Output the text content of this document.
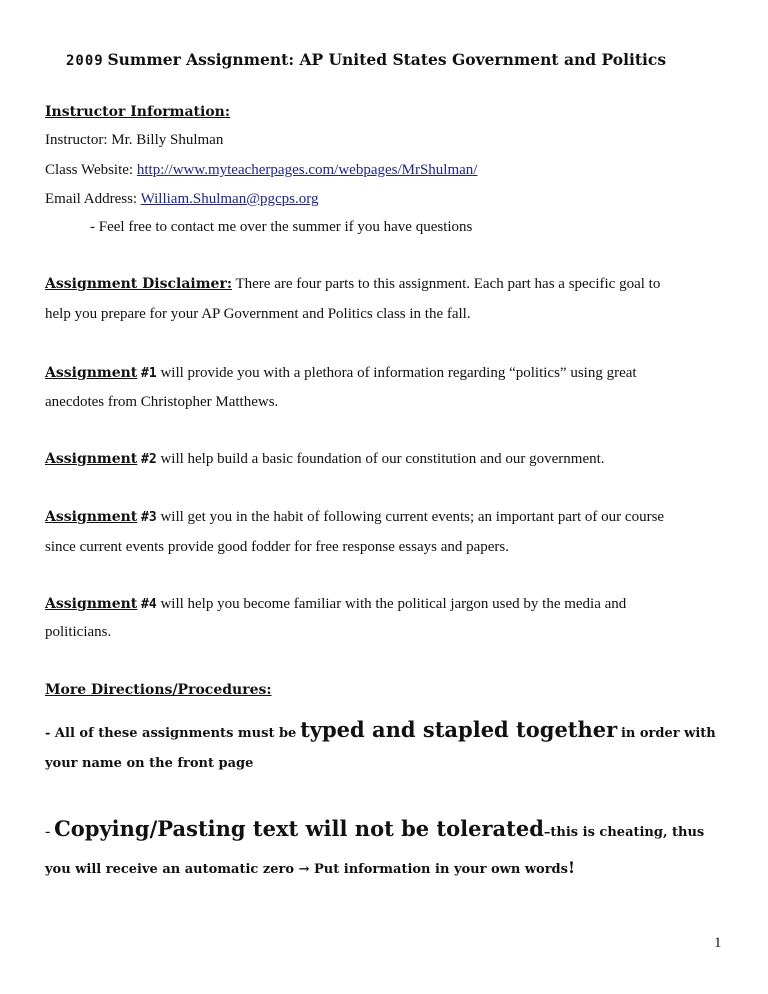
2009 Summer Assignment: AP United States Government and Politics
Instructor Information:
Instructor: Mr. Billy Shulman
Class Website: http://www.myteacherpages.com/webpages/MrShulman/
Email Address: William.Shulman@pgcps.org
- Feel free to contact me over the summer if you have questions
Assignment Disclaimer: There are four parts to this assignment. Each part has a specific goal to
help you prepare for your AP Government and Politics class in the fall.
Assignment #1 will provide you with a plethora of information regarding “politics” using great
anecdotes from Christopher Matthews.
Assignment #2 will help build a basic foundation of our constitution and our government.
Assignment #3 will get you in the habit of following current events; an important part of our course
since current events provide good fodder for free response essays and papers.
Assignment #4 will help you become familiar with the political jargon used by the media and
politicians.
More Directions/Procedures:
- All of these assignments must be typed and stapled together in order with
your name on the front page
- Copying/Pasting text will not be tolerated–this is cheating, thus
you will receive an automatic zero → Put information in your own words!
1
